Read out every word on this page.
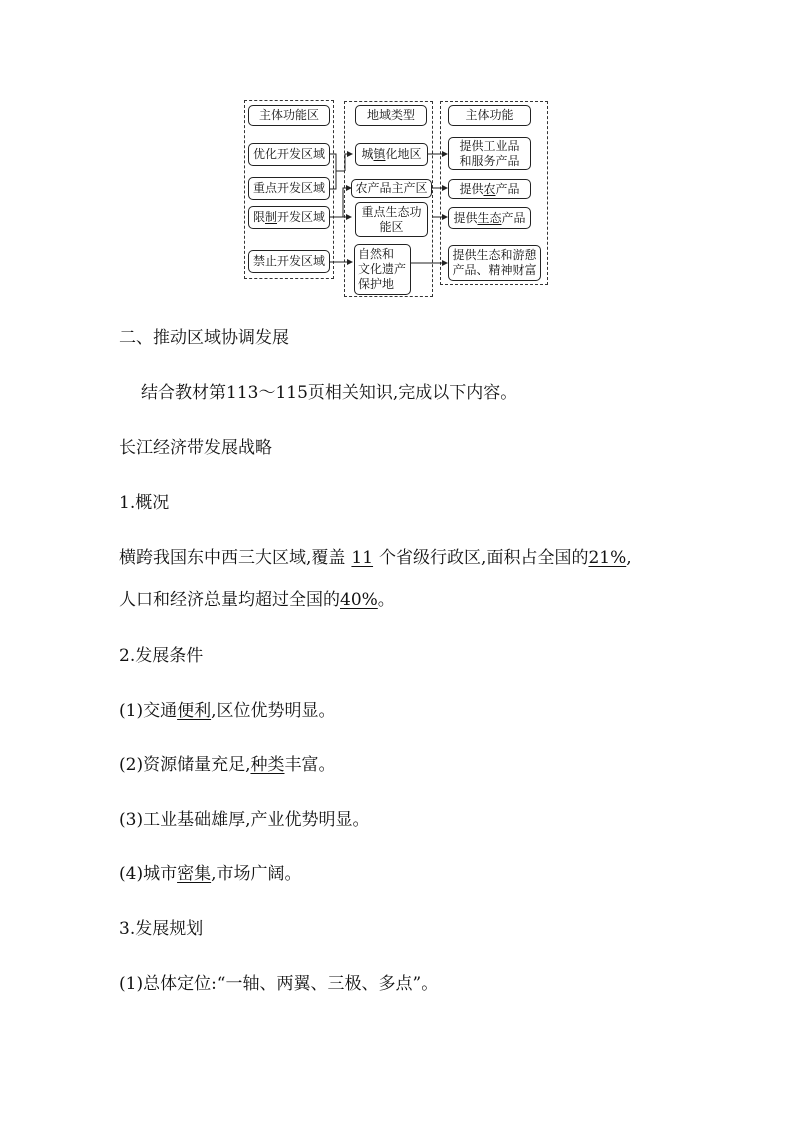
主体功能区
优化开发区域
重点开发区域
限制开发区域
禁止开发区域
地域类型
城镇化地区
农产品主产区
重点生态功
能区
自然和
文化遗产
保护地
主体功能
提供工业品
和服务产品
提供农产品
提供生态产品
提供生态和游憩
产品、精神财富

二、推动区域协调发展

结合教材第113～115页相关知识,完成以下内容。

长江经济带发展战略

1.概况

横跨我国东中西三大区域,覆盖 11 个省级行政区,面积占全国的21%,

人口和经济总量均超过全国的40%。

2.发展条件

(1)交通便利,区位优势明显。

(2)资源储量充足,种类丰富。

(3)工业基础雄厚,产业优势明显。

(4)城市密集,市场广阔。

3.发展规划

(1)总体定位:“一轴、两翼、三极、多点”。
